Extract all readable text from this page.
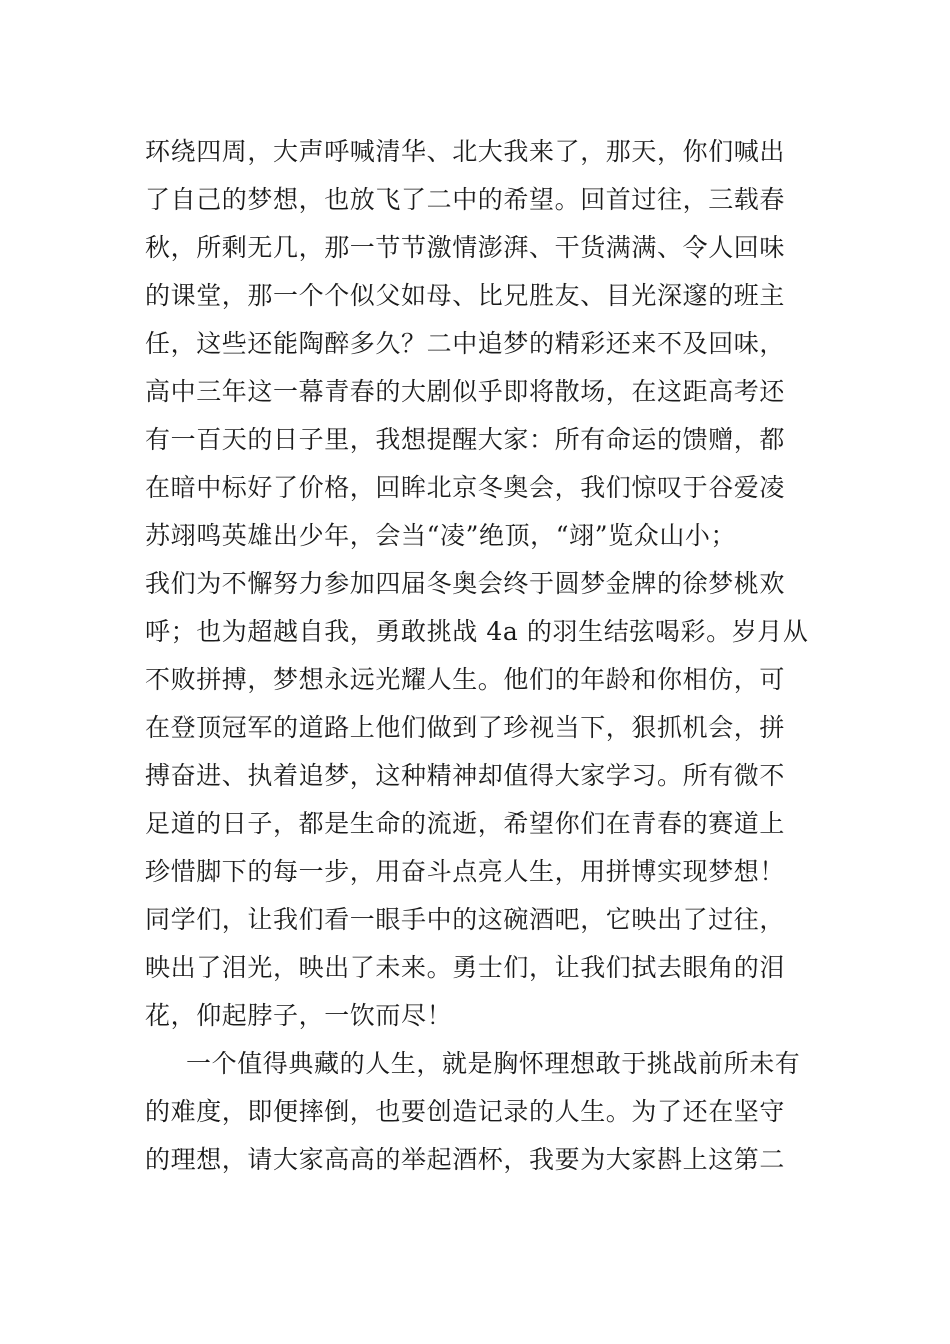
环绕四周，大声呼喊清华、北大我来了，那天，你们喊出
了自己的梦想，也放飞了二中的希望。回首过往，三载春
秋，所剩无几，那一节节激情澎湃、干货满满、令人回味
的课堂，那一个个似父如母、比兄胜友、目光深邃的班主
任，这些还能陶醉多久？二中追梦的精彩还来不及回味，
高中三年这一幕青春的大剧似乎即将散场，在这距高考还
有一百天的日子里，我想提醒大家：所有命运的馈赠，都
在暗中标好了价格，回眸北京冬奥会，我们惊叹于谷爱凌
苏翊鸣英雄出少年，会当“凌”绝顶，“翊”览众山小；
我们为不懈努力参加四届冬奥会终于圆梦金牌的徐梦桃欢
呼；也为超越自我，勇敢挑战 4a 的羽生结弦喝彩。岁月从
不败拼搏，梦想永远光耀人生。他们的年龄和你相仿，可
在登顶冠军的道路上他们做到了珍视当下，狠抓机会，拼
搏奋进、执着追梦，这种精神却值得大家学习。所有微不
足道的日子，都是生命的流逝，希望你们在青春的赛道上
珍惜脚下的每一步，用奋斗点亮人生，用拼博实现梦想！
同学们，让我们看一眼手中的这碗酒吧，它映出了过往，
映出了泪光，映出了未来。勇士们，让我们拭去眼角的泪
花，仰起脖子，一饮而尽！
一个值得典藏的人生，就是胸怀理想敢于挑战前所未有
的难度，即便摔倒，也要创造记录的人生。为了还在坚守
的理想，请大家高高的举起酒杯，我要为大家斟上这第二
